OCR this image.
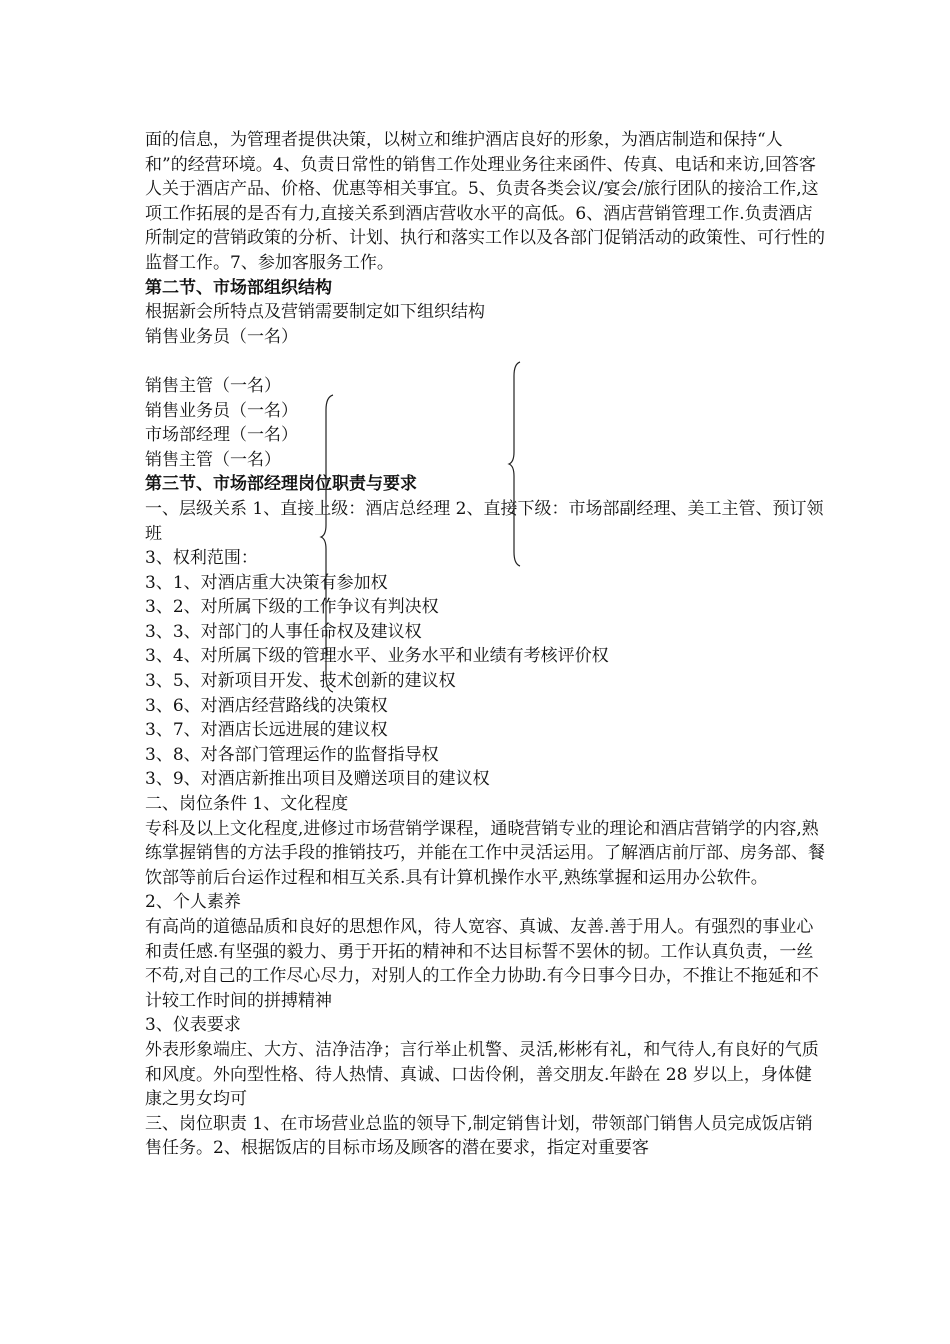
面的信息，为管理者提供决策，以树立和维护酒店良好的形象，为酒店制造和保持“人和”的经营环境。4、负责日常性的销售工作处理业务往来函件、传真、电话和来访,回答客人关于酒店产品、价格、优惠等相关事宜。5、负责各类会议/宴会/旅行团队的接洽工作,这项工作拓展的是否有力,直接关系到酒店营收水平的高低。6、酒店营销管理工作.负责酒店所制定的营销政策的分析、计划、执行和落实工作以及各部门促销活动的政策性、可行性的监督工作。7、参加客服务工作。

第二节、市场部组织结构

根据新会所特点及营销需要制定如下组织结构

销售业务员（一名）

销售主管（一名）

销售业务员（一名）

市场部经理（一名）

销售主管（一名）

第三节、市场部经理岗位职责与要求

一、层级关系 1、直接上级：酒店总经理 2、直接下级：市场部副经理、美工主管、预订领班

3、权利范围：

3、1、对酒店重大决策有参加权

3、2、对所属下级的工作争议有判决权

3、3、对部门的人事任命权及建议权

3、4、对所属下级的管理水平、业务水平和业绩有考核评价权

3、5、对新项目开发、技术创新的建议权

3、6、对酒店经营路线的决策权

3、7、对酒店长远进展的建议权

3、8、对各部门管理运作的监督指导权

3、9、对酒店新推出项目及赠送项目的建议权

二、岗位条件 1、文化程度

专科及以上文化程度,进修过市场营销学课程，通晓营销专业的理论和酒店营销学的内容,熟练掌握销售的方法手段的推销技巧，并能在工作中灵活运用。了解酒店前厅部、房务部、餐饮部等前后台运作过程和相互关系.具有计算机操作水平,熟练掌握和运用办公软件。

2、个人素养

有高尚的道德品质和良好的思想作风，待人宽容、真诚、友善.善于用人。有强烈的事业心和责任感.有坚强的毅力、勇于开拓的精神和不达目标誓不罢休的韧。工作认真负责，一丝不苟,对自己的工作尽心尽力，对别人的工作全力协助.有今日事今日办，不推让不拖延和不计较工作时间的拼搏精神

3、仪表要求

外表形象端庄、大方、洁净洁净；言行举止机警、灵活,彬彬有礼，和气待人,有良好的气质和风度。外向型性格、待人热情、真诚、口齿伶俐，善交朋友.年龄在 28 岁以上，身体健康之男女均可

三、岗位职责 1、在市场营业总监的领导下,制定销售计划，带领部门销售人员完成饭店销售任务。2、根据饭店的目标市场及顾客的潜在要求，指定对重要客
